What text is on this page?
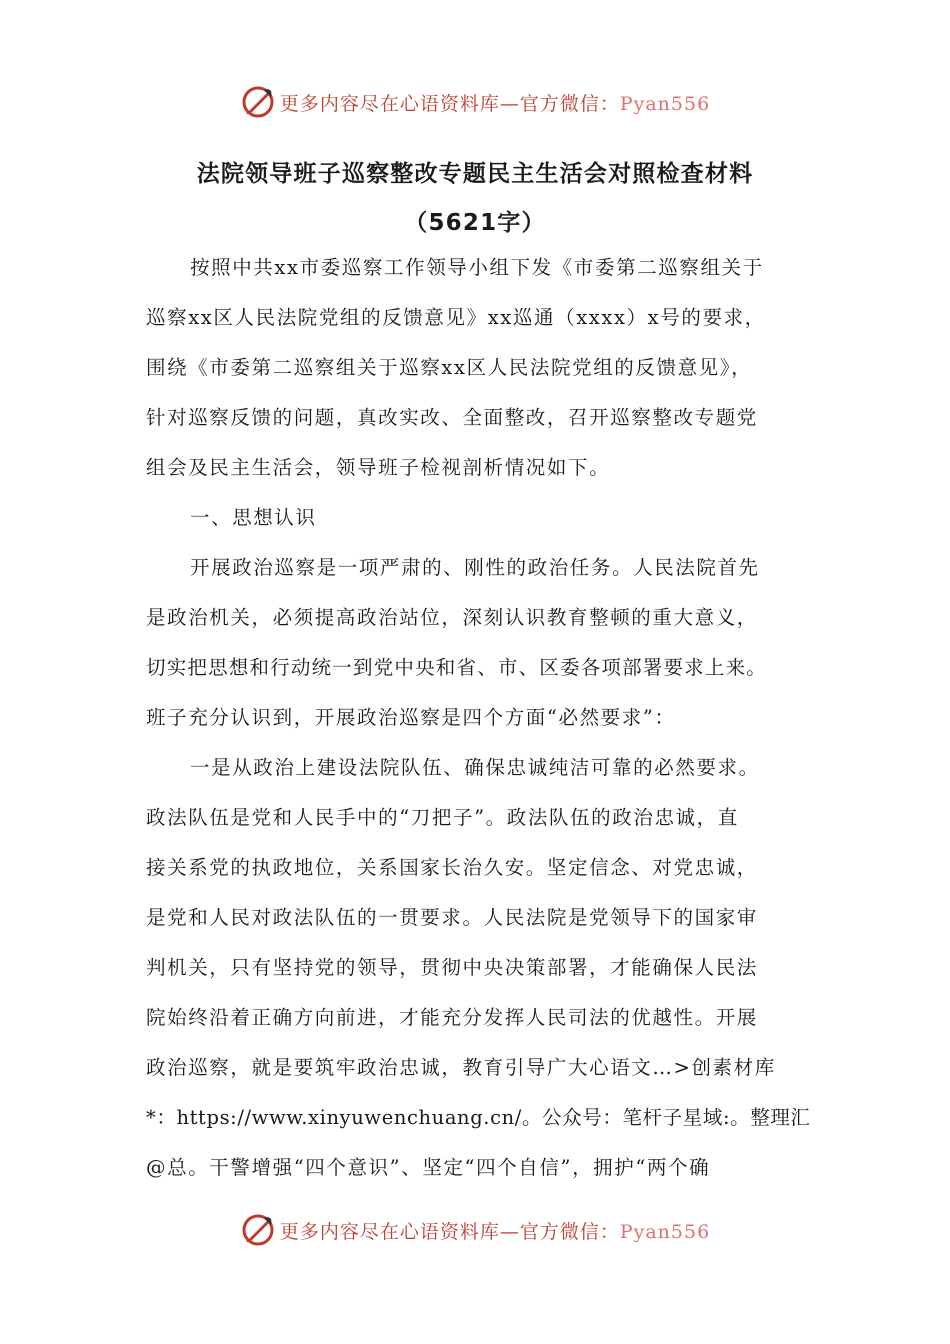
更多内容尽在心语资料库—官方微信：Pyan556
法院领导班子巡察整改专题民主生活会对照检查材料
（5621字）
按照中共xx市委巡察工作领导小组下发《市委第二巡察组关于
巡察xx区人民法院党组的反馈意见》xx巡通（xxxx）x号的要求，
围绕《市委第二巡察组关于巡察xx区人民法院党组的反馈意见》，
针对巡察反馈的问题，真改实改、全面整改，召开巡察整改专题党
组会及民主生活会，领导班子检视剖析情况如下。
一、思想认识
开展政治巡察是一项严肃的、刚性的政治任务。人民法院首先
是政治机关，必须提高政治站位，深刻认识教育整顿的重大意义，
切实把思想和行动统一到党中央和省、市、区委各项部署要求上来。
班子充分认识到，开展政治巡察是四个方面“必然要求”：
一是从政治上建设法院队伍、确保忠诚纯洁可靠的必然要求。
政法队伍是党和人民手中的“刀把子”。政法队伍的政治忠诚，直
接关系党的执政地位，关系国家长治久安。坚定信念、对党忠诚，
是党和人民对政法队伍的一贯要求。人民法院是党领导下的国家审
判机关，只有坚持党的领导，贯彻中央决策部署，才能确保人民法
院始终沿着正确方向前进，才能充分发挥人民司法的优越性。开展
政治巡察，就是要筑牢政治忠诚，教育引导广大心语文…>创素材库
*：https://www.xinyuwenchuang.cn/。公众号：笔杆子星域:。整理汇
@总。干警增强“四个意识”、坚定“四个自信”，拥护“两个确
更多内容尽在心语资料库—官方微信：Pyan556
